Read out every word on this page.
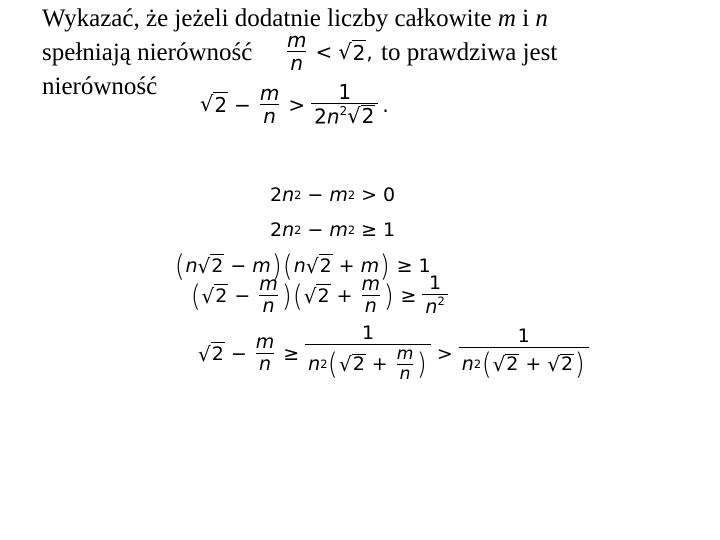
Wykazać, że jeżeli dodatnie liczby całkowite m i n
spełniają nierówność $\frac{m}{n}$ < √ 2 , to prawdziwa jest
nierówność
√ $2 - \frac{m}{n} > \frac{1}{2n^2 √ 2}$ .
2 n 2 − m 2 > 0
2 n 2 − m 2 ≥ 1
( n √ 2 − m ) ( n √ 2 + m ) ≥ 1
( √ $2 - \frac{m}{n}$ ) ( √ $2 + \frac{m}{n}$ ) ≥ $\frac{1}{n^2}$
√ $2 - \frac{m}{n}$ ≥
1
n 2 ( √ $2 + \frac{m}{n}$ ) > $\frac{1}{n 2 ( √ 2 + √ 2 )}$
